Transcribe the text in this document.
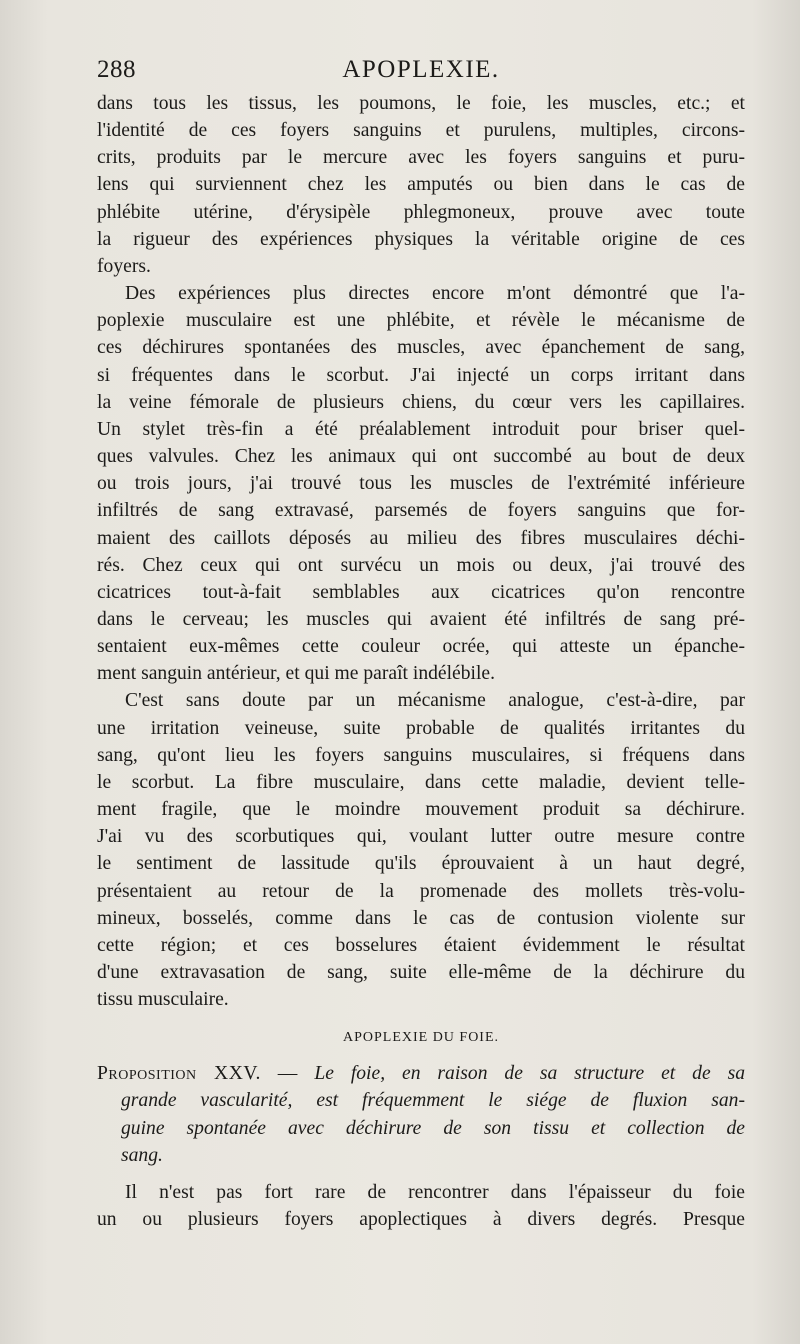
288	APOPLEXIE.
dans tous les tissus, les poumons, le foie, les muscles, etc.; et
l'identité de ces foyers sanguins et purulens, multiples, circons-
crits, produits par le mercure avec les foyers sanguins et puru-
lens qui surviennent chez les amputés ou bien dans le cas de
phlébite utérine, d'érysipèle phlegmoneux, prouve avec toute
la rigueur des expériences physiques la véritable origine de ces
foyers.
Des expériences plus directes encore m'ont démontré que l'a-
poplexie musculaire est une phlébite, et révèle le mécanisme de
ces déchirures spontanées des muscles, avec épanchement de sang,
si fréquentes dans le scorbut. J'ai injecté un corps irritant dans
la veine fémorale de plusieurs chiens, du cœur vers les capillaires.
Un stylet très-fin a été préalablement introduit pour briser quel-
ques valvules. Chez les animaux qui ont succombé au bout de deux
ou trois jours, j'ai trouvé tous les muscles de l'extrémité inférieure
infiltrés de sang extravasé, parsemés de foyers sanguins que for-
maient des caillots déposés au milieu des fibres musculaires déchi-
rés. Chez ceux qui ont survécu un mois ou deux, j'ai trouvé des
cicatrices tout-à-fait semblables aux cicatrices qu'on rencontre
dans le cerveau; les muscles qui avaient été infiltrés de sang pré-
sentaient eux-mêmes cette couleur ocrée, qui atteste un épanche-
ment sanguin antérieur, et qui me paraît indélébile.
C'est sans doute par un mécanisme analogue, c'est-à-dire, par
une irritation veineuse, suite probable de qualités irritantes du
sang, qu'ont lieu les foyers sanguins musculaires, si fréquens dans
le scorbut. La fibre musculaire, dans cette maladie, devient telle-
ment fragile, que le moindre mouvement produit sa déchirure.
J'ai vu des scorbutiques qui, voulant lutter outre mesure contre
le sentiment de lassitude qu'ils éprouvaient à un haut degré,
présentaient au retour de la promenade des mollets très-volu-
mineux, bosselés, comme dans le cas de contusion violente sur
cette région; et ces bosselures étaient évidemment le résultat
d'une extravasation de sang, suite elle-même de la déchirure du
tissu musculaire.
APOPLEXIE DU FOIE.
Proposition XXV. — Le foie, en raison de sa structure et de sa
grande vascularité, est fréquemment le siége de fluxion san-
guine spontanée avec déchirure de son tissu et collection de
sang.
Il n'est pas fort rare de rencontrer dans l'épaisseur du foie
un ou plusieurs foyers apoplectiques à divers degrés. Presque
